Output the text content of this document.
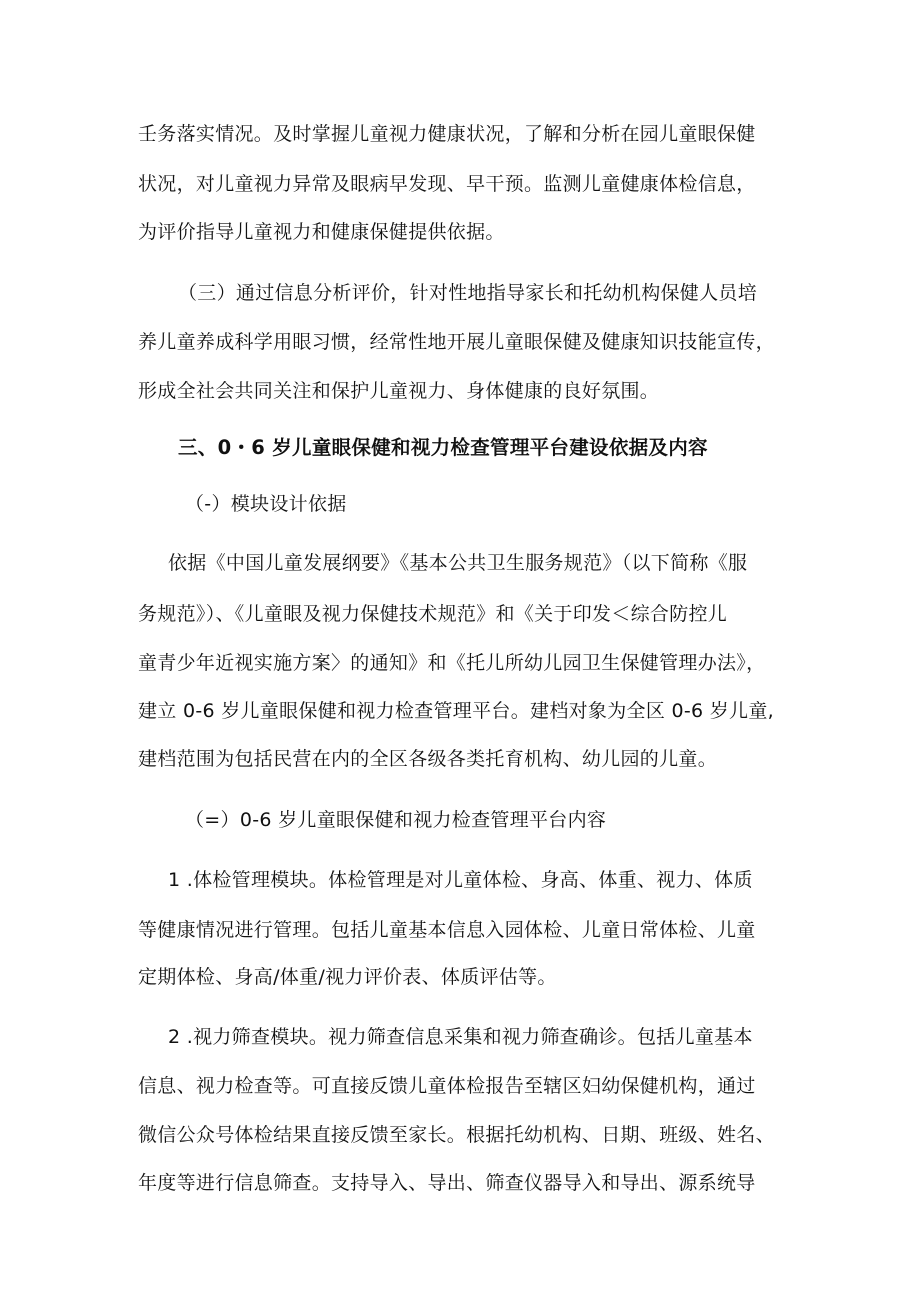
壬务落实情况。及时掌握儿童视力健康状况，了解和分析在园儿童眼保健
状况，对儿童视力异常及眼病早发现、早干预。监测儿童健康体检信息，
为评价指导儿童视力和健康保健提供依据。
（三）通过信息分析评价，针对性地指导家长和托幼机构保健人员培
养儿童养成科学用眼习惯，经常性地开展儿童眼保健及健康知识技能宣传，
形成全社会共同关注和保护儿童视力、身体健康的良好氛围。
三、0・6 岁儿童眼保健和视力检查管理平台建设依据及内容
（-）模块设计依据
依据《中国儿童发展纲要》《基本公共卫生服务规范》（以下简称《服
务规范》）、《儿童眼及视力保健技术规范》和《关于印发＜综合防控儿
童青少年近视实施方案〉的通知》和《托儿所幼儿园卫生保健管理办法》，
建立 0-6 岁儿童眼保健和视力检查管理平台。建档对象为全区 0-6 岁儿童,
建档范围为包括民营在内的全区各级各类托育机构、幼儿园的儿童。
（=）0-6 岁儿童眼保健和视力检查管理平台内容
1 .体检管理模块。体检管理是对儿童体检、身高、体重、视力、体质
等健康情况进行管理。包括儿童基本信息入园体检、儿童日常体检、儿童
定期体检、身高/体重/视力评价表、体质评估等。
2 .视力筛查模块。视力筛查信息采集和视力筛查确诊。包括儿童基本
信息、视力检查等。可直接反馈儿童体检报告至辖区妇幼保健机构，通过
微信公众号体检结果直接反馈至家长。根据托幼机构、日期、班级、姓名、
年度等进行信息筛查。支持导入、导出、筛查仪器导入和导出、源系统导
